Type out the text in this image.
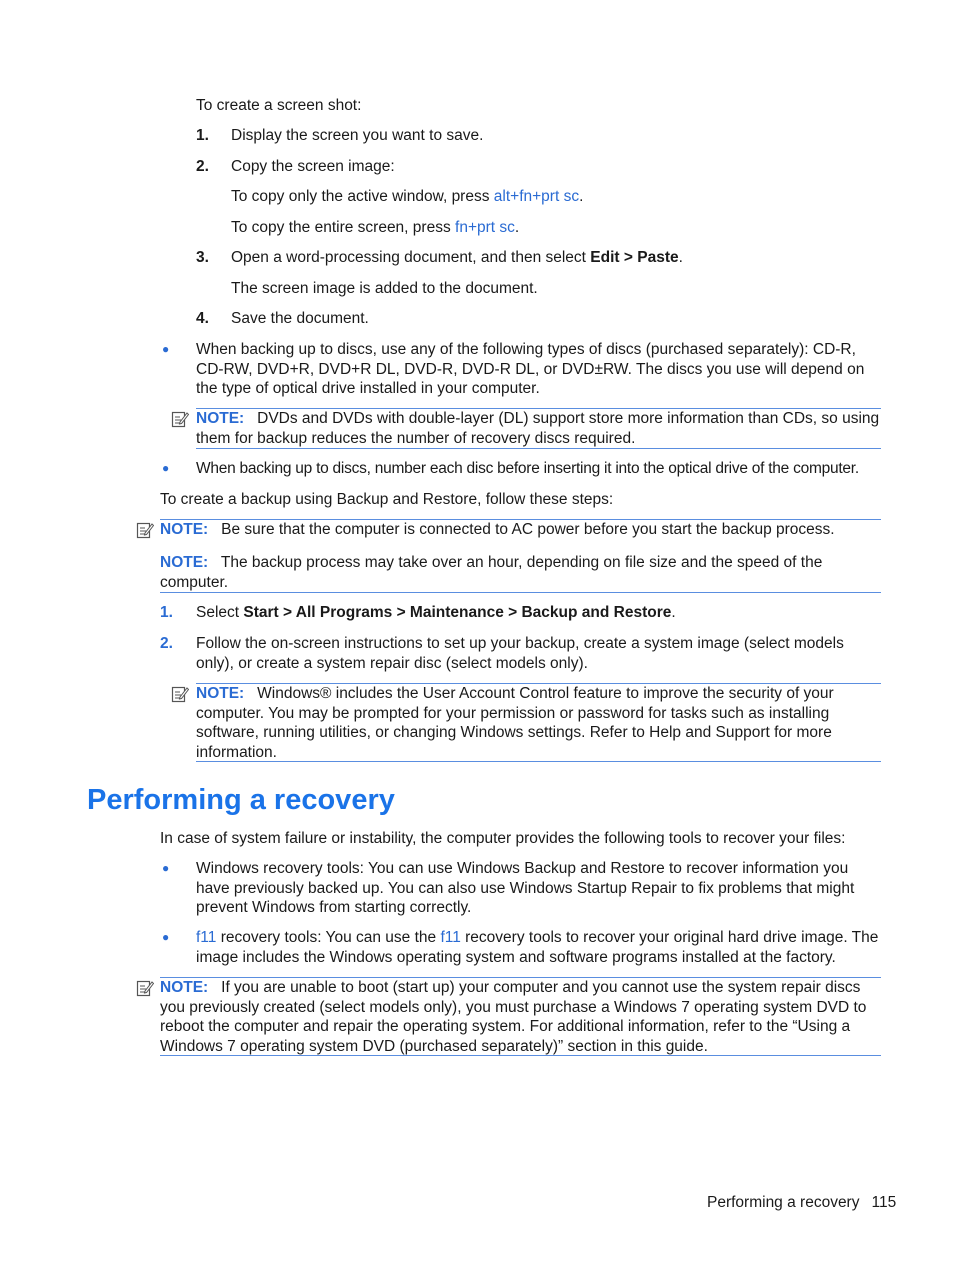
To create a screen shot:
1. Display the screen you want to save.
2. Copy the screen image:
To copy only the active window, press alt+fn+prt sc.
To copy the entire screen, press fn+prt sc.
3. Open a word-processing document, and then select Edit > Paste.
The screen image is added to the document.
4. Save the document.
● When backing up to discs, use any of the following types of discs (purchased separately): CD-R, CD-RW, DVD+R, DVD+R DL, DVD-R, DVD-R DL, or DVD±RW. The discs you use will depend on the type of optical drive installed in your computer.
NOTE: DVDs and DVDs with double-layer (DL) support store more information than CDs, so using them for backup reduces the number of recovery discs required.
● When backing up to discs, number each disc before inserting it into the optical drive of the computer.
To create a backup using Backup and Restore, follow these steps:
NOTE: Be sure that the computer is connected to AC power before you start the backup process.
NOTE: The backup process may take over an hour, depending on file size and the speed of the computer.
1. Select Start > All Programs > Maintenance > Backup and Restore.
2. Follow the on-screen instructions to set up your backup, create a system image (select models only), or create a system repair disc (select models only).
NOTE: Windows® includes the User Account Control feature to improve the security of your computer. You may be prompted for your permission or password for tasks such as installing software, running utilities, or changing Windows settings. Refer to Help and Support for more information.
Performing a recovery
In case of system failure or instability, the computer provides the following tools to recover your files:
● Windows recovery tools: You can use Windows Backup and Restore to recover information you have previously backed up. You can also use Windows Startup Repair to fix problems that might prevent Windows from starting correctly.
● f11 recovery tools: You can use the f11 recovery tools to recover your original hard drive image. The image includes the Windows operating system and software programs installed at the factory.
NOTE: If you are unable to boot (start up) your computer and you cannot use the system repair discs you previously created (select models only), you must purchase a Windows 7 operating system DVD to reboot the computer and repair the operating system. For additional information, refer to the “Using a Windows 7 operating system DVD (purchased separately)” section in this guide.
Performing a recovery 115
